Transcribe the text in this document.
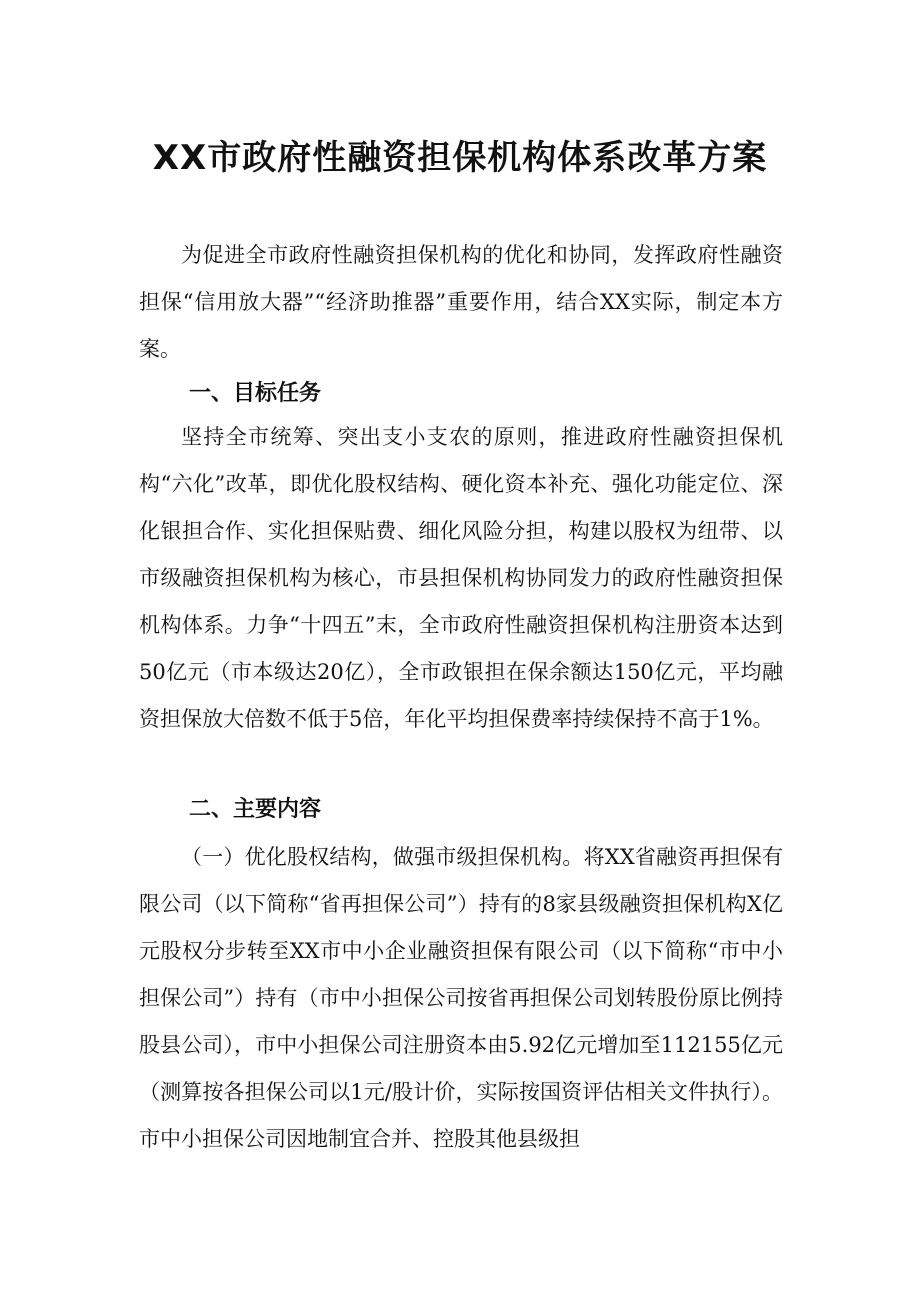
XX市政府性融资担保机构体系改革方案

为促进全市政府性融资担保机构的优化和协同，发挥政府性融资担保“信用放大器”“经济助推器”重要作用，结合XX实际，制定本方案。

一、目标任务

坚持全市统筹、突出支小支农的原则，推进政府性融资担保机构“六化”改革，即优化股权结构、硬化资本补充、强化功能定位、深化银担合作、实化担保贴费、细化风险分担，构建以股权为纽带、以市级融资担保机构为核心，市县担保机构协同发力的政府性融资担保机构体系。力争“十四五”末，全市政府性融资担保机构注册资本达到50亿元（市本级达20亿），全市政银担在保余额达150亿元，平均融资担保放大倍数不低于5倍，年化平均担保费率持续保持不高于1%。

二、主要内容

（一）优化股权结构，做强市级担保机构。将XX省融资再担保有限公司（以下简称“省再担保公司”）持有的8家县级融资担保机构X亿元股权分步转至XX市中小企业融资担保有限公司（以下简称“市中小担保公司”）持有（市中小担保公司按省再担保公司划转股份原比例持股县公司），市中小担保公司注册资本由5.92亿元增加至112155亿元（测算按各担保公司以1元/股计价，实际按国资评估相关文件执行）。市中小担保公司因地制宜合并、控股其他县级担
